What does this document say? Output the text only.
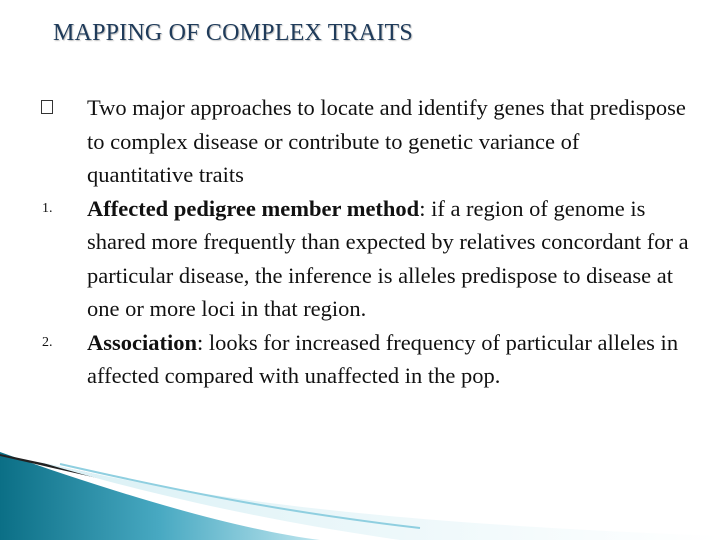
MAPPING OF COMPLEX TRAITS
Two major approaches to locate and identify genes that predispose to complex disease or contribute to genetic variance of quantitative traits
1. Affected pedigree member method: if a region of genome is shared more frequently than expected by relatives concordant for a particular disease, the inference is alleles predispose to disease at one or more loci in that region.
2. Association: looks for increased frequency of particular alleles in affected compared with unaffected in the pop.
